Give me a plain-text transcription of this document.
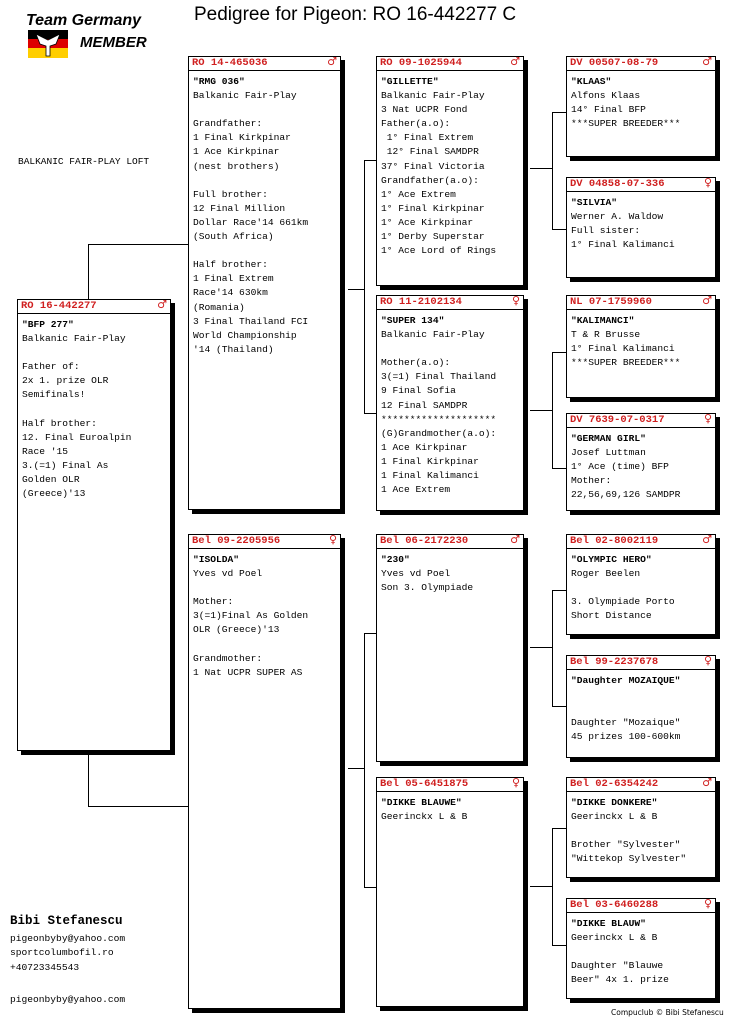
Pedigree for Pigeon: RO 16-442277 C
Team Germany
MEMBER
BALKANIC FAIR-PLAY LOFT
RO 16-442277	♂
"BFP 277"
Balkanic Fair-Play

Father of:
2x 1. prize OLR
Semifinals!

Half brother:
12. Final Euroalpin
Race '15
3.(=1) Final As
Golden OLR
(Greece)'13
RO 14-465036	♂
"RMG 036"
Balkanic Fair-Play

Grandfather:
1 Final Kirkpinar
1 Ace Kirkpinar
(nest brothers)

Full brother:
12 Final Million
Dollar Race'14 661km
(South Africa)

Half brother:
1 Final Extrem
Race'14 630km
(Romania)
3 Final Thailand FCI
World Championship
'14 (Thailand)
Bel 09-2205956	♀
"ISOLDA"
Yves vd Poel

Mother:
3(=1)Final As Golden
OLR (Greece)'13

Grandmother:
1 Nat UCPR SUPER AS
RO 09-1025944	♂
"GILLETTE"
Balkanic Fair-Play
3 Nat UCPR Fond
Father(a.o):
1° Final Extrem
12° Final SAMDPR
37° Final Victoria
Grandfather(a.o):
1° Ace Extrem
1° Final Kirkpinar
1° Ace Kirkpinar
1° Derby Superstar
1° Ace Lord of Rings
RO 11-2102134	♀
"SUPER 134"
Balkanic Fair-Play

Mother(a.o):
3(=1) Final Thailand
9 Final Sofia
12 Final SAMDPR
********************
(G)Grandmother(a.o):
1 Ace Kirkpinar
1 Final Kirkpinar
1 Final Kalimanci
1 Ace Extrem
Bel 06-2172230	♂
"230"
Yves vd Poel
Son 3. Olympiade
Bel 05-6451875	♀
"DIKKE BLAUWE"
Geerinckx L & B
DV 00507-08-79	♂
"KLAAS"
Alfons Klaas
14° Final BFP
***SUPER BREEDER***
DV 04858-07-336	♀
"SILVIA"
Werner A. Waldow
Full sister:
1° Final Kalimanci
NL 07-1759960	♂
"KALIMANCI"
T & R Brusse
1° Final Kalimanci
***SUPER BREEDER***
DV 7639-07-0317	♀
"GERMAN GIRL"
Josef Luttman
1° Ace (time) BFP
Mother:
22,56,69,126 SAMDPR
Bel 02-8002119	♂
"OLYMPIC HERO"
Roger Beelen

3. Olympiade Porto
Short Distance
Bel 99-2237678	♀
"Daughter MOZAIQUE"

Daughter "Mozaique"
45 prizes 100-600km
Bel 02-6354242	♂
"DIKKE DONKERE"
Geerinckx L & B

Brother "Sylvester"
"Wittekop Sylvester"
Bel 03-6460288	♀
"DIKKE BLAUW"
Geerinckx L & B

Daughter "Blauwe
Beer" 4x 1. prize
Bibi Stefanescu
pigeonbyby@yahoo.com
sportcolumbofil.ro
+40723345543
pigeonbyby@yahoo.com
Compuclub © Bibi Stefanescu
